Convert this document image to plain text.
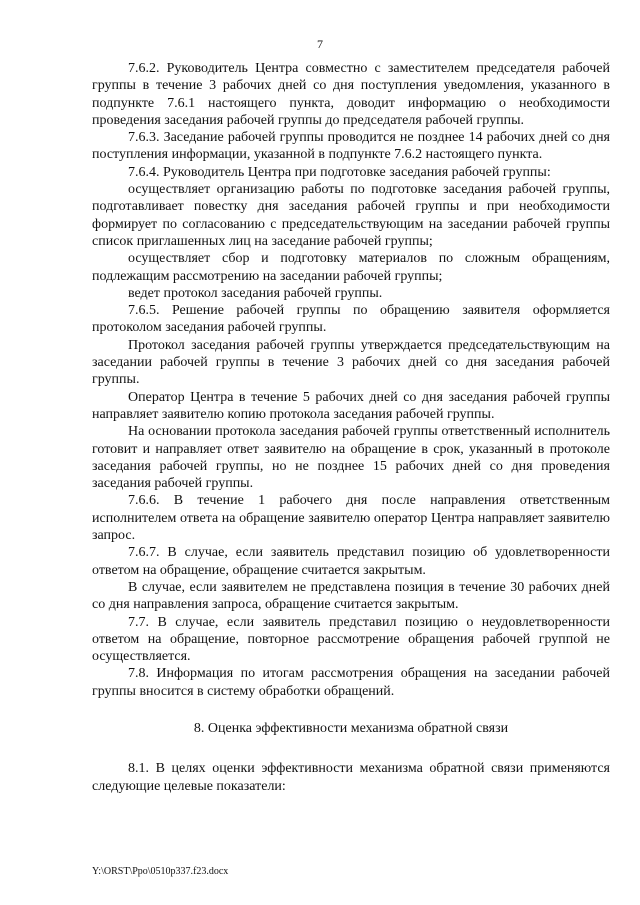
7

7.6.2. Руководитель Центра совместно с заместителем председателя рабочей группы в течение 3 рабочих дней со дня поступления уведомления, указанного в подпункте 7.6.1 настоящего пункта, доводит информацию о необходимости проведения заседания рабочей группы до председателя рабочей группы.

7.6.3. Заседание рабочей группы проводится не позднее 14 рабочих дней со дня поступления информации, указанной в подпункте 7.6.2 настоящего пункта.

7.6.4. Руководитель Центра при подготовке заседания рабочей группы:

осуществляет организацию работы по подготовке заседания рабочей группы, подготавливает повестку дня заседания рабочей группы и при необходимости формирует по согласованию с председательствующим на заседании рабочей группы список приглашенных лиц на заседание рабочей группы;

осуществляет сбор и подготовку материалов по сложным обращениям, подлежащим рассмотрению на заседании рабочей группы;

ведет протокол заседания рабочей группы.

7.6.5. Решение рабочей группы по обращению заявителя оформляется протоколом заседания рабочей группы.

Протокол заседания рабочей группы утверждается председательствующим на заседании рабочей группы в течение 3 рабочих дней со дня заседания рабочей группы.

Оператор Центра в течение 5 рабочих дней со дня заседания рабочей группы направляет заявителю копию протокола заседания рабочей группы.

На основании протокола заседания рабочей группы ответственный исполнитель готовит и направляет ответ заявителю на обращение в срок, указанный в протоколе заседания рабочей группы, но не позднее 15 рабочих дней со дня проведения заседания рабочей группы.

7.6.6. В течение 1 рабочего дня после направления ответственным исполнителем ответа на обращение заявителю оператор Центра направляет заявителю запрос.

7.6.7. В случае, если заявитель представил позицию об удовлетворенности ответом на обращение, обращение считается закрытым.

В случае, если заявителем не представлена позиция в течение 30 рабочих дней со дня направления запроса, обращение считается закрытым.

7.7. В случае, если заявитель представил позицию о неудовлетворенности ответом на обращение, повторное рассмотрение обращения рабочей группой не осуществляется.

7.8. Информация по итогам рассмотрения обращения на заседании рабочей группы вносится в систему обработки обращений.

8. Оценка эффективности механизма обратной связи

8.1. В целях оценки эффективности механизма обратной связи применяются следующие целевые показатели:

Y:\ORST\Ppo\0510p337.f23.docx
